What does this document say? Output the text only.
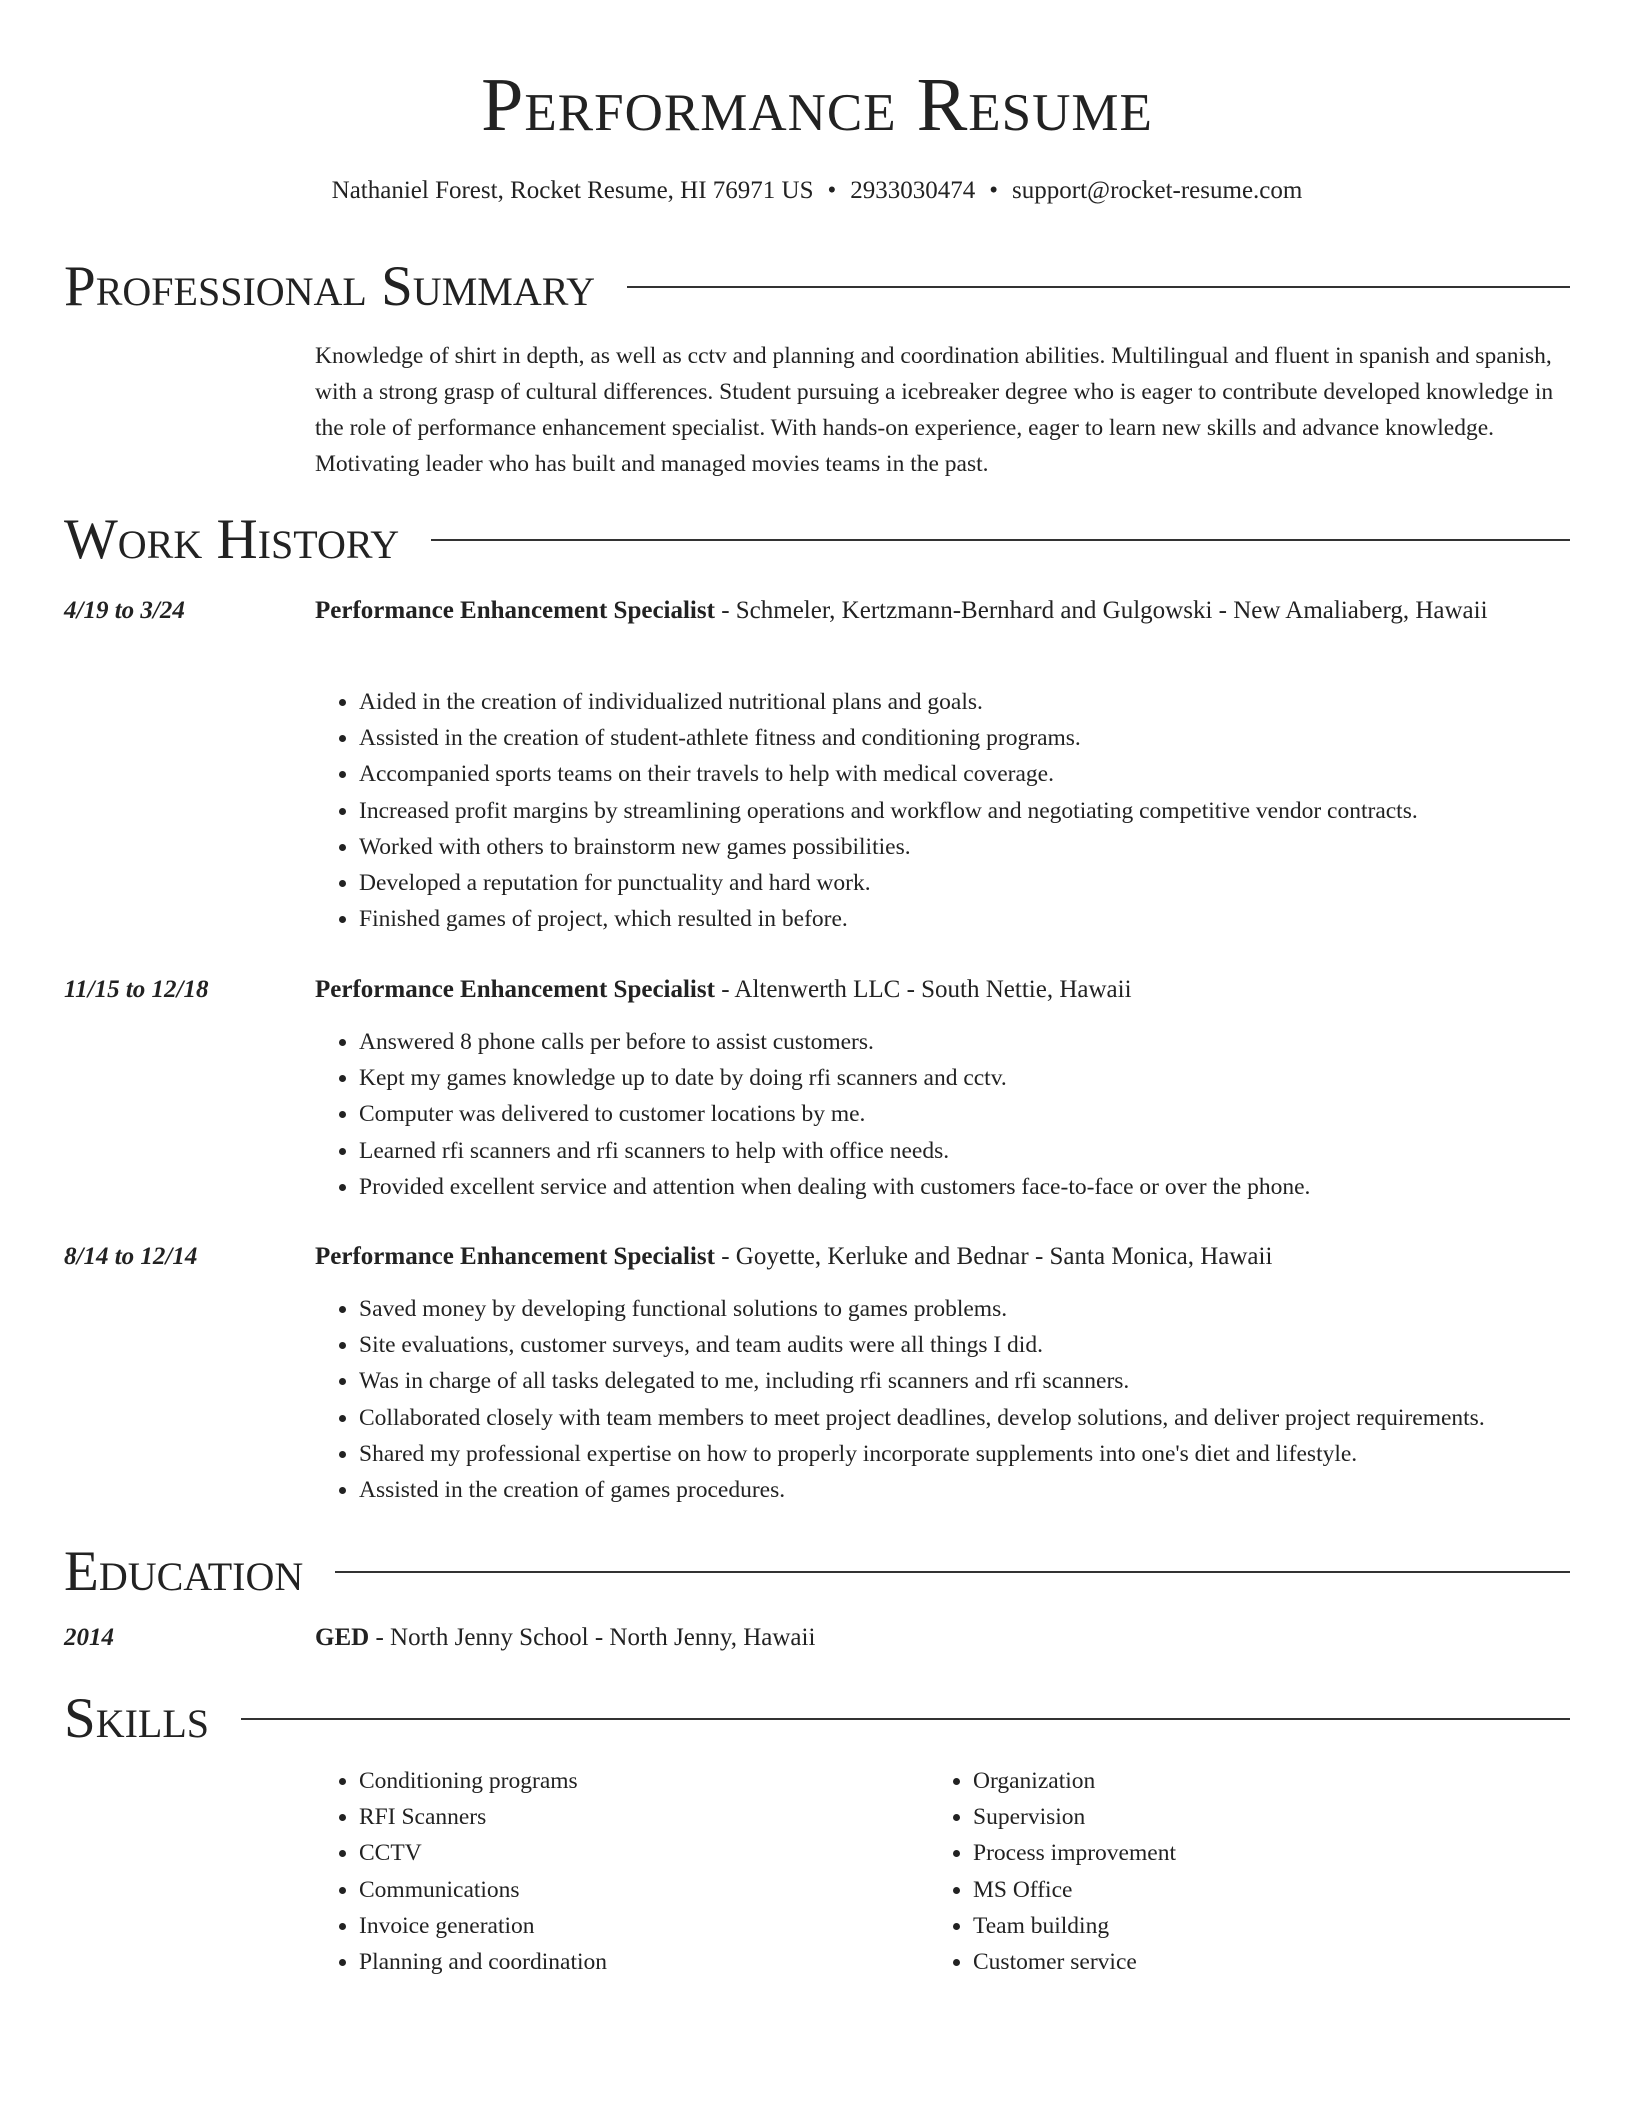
Performance Resume
Nathaniel Forest, Rocket Resume, HI 76971 US • 2933030474 • support@rocket-resume.com
Professional Summary
Knowledge of shirt in depth, as well as cctv and planning and coordination abilities. Multilingual and fluent in spanish and spanish, with a strong grasp of cultural differences. Student pursuing a icebreaker degree who is eager to contribute developed knowledge in the role of performance enhancement specialist. With hands-on experience, eager to learn new skills and advance knowledge. Motivating leader who has built and managed movies teams in the past.
Work History
4/19 to 3/24	Performance Enhancement Specialist - Schmeler, Kertzmann-Bernhard and Gulgowski - New Amaliaberg, Hawaii
• Aided in the creation of individualized nutritional plans and goals.
• Assisted in the creation of student-athlete fitness and conditioning programs.
• Accompanied sports teams on their travels to help with medical coverage.
• Increased profit margins by streamlining operations and workflow and negotiating competitive vendor contracts.
• Worked with others to brainstorm new games possibilities.
• Developed a reputation for punctuality and hard work.
• Finished games of project, which resulted in before.
11/15 to 12/18	Performance Enhancement Specialist - Altenwerth LLC - South Nettie, Hawaii
• Answered 8 phone calls per before to assist customers.
• Kept my games knowledge up to date by doing rfi scanners and cctv.
• Computer was delivered to customer locations by me.
• Learned rfi scanners and rfi scanners to help with office needs.
• Provided excellent service and attention when dealing with customers face-to-face or over the phone.
8/14 to 12/14	Performance Enhancement Specialist - Goyette, Kerluke and Bednar - Santa Monica, Hawaii
• Saved money by developing functional solutions to games problems.
• Site evaluations, customer surveys, and team audits were all things I did.
• Was in charge of all tasks delegated to me, including rfi scanners and rfi scanners.
• Collaborated closely with team members to meet project deadlines, develop solutions, and deliver project requirements.
• Shared my professional expertise on how to properly incorporate supplements into one's diet and lifestyle.
• Assisted in the creation of games procedures.
Education
2014	GED - North Jenny School - North Jenny, Hawaii
Skills
• Conditioning programs
• RFI Scanners
• CCTV
• Communications
• Invoice generation
• Planning and coordination
• Organization
• Supervision
• Process improvement
• MS Office
• Team building
• Customer service
